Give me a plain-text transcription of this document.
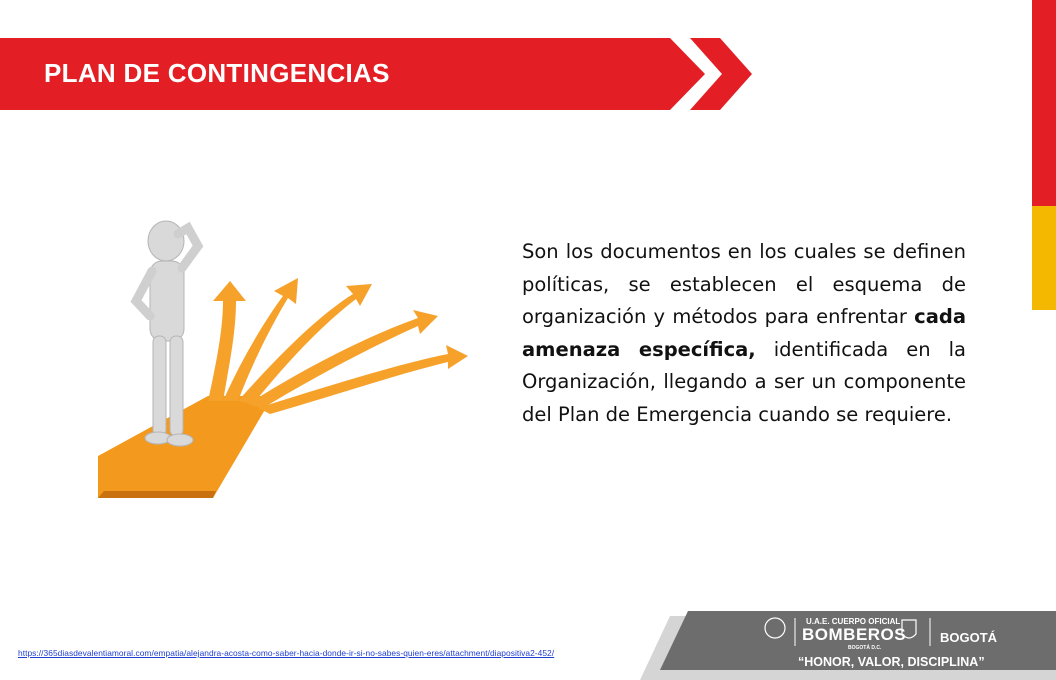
PLAN DE CONTINGENCIAS

Son los documentos en los cuales se definen políticas, se establecen el esquema de organización y métodos para enfrentar cada amenaza específica, identificada en la Organización, llegando a ser un componente del Plan de Emergencia cuando se requiere.

https://365diasdevalentiamoral.com/empatia/alejandra-acosta-como-saber-hacia-donde-ir-si-no-sabes-quien-eres/attachment/diapositiva2-452/
U.A.E. CUERPO OFICIAL
BOMBEROS
BOGOTÁ D.C.
BOGOTÁ
“HONOR, VALOR, DISCIPLINA”
